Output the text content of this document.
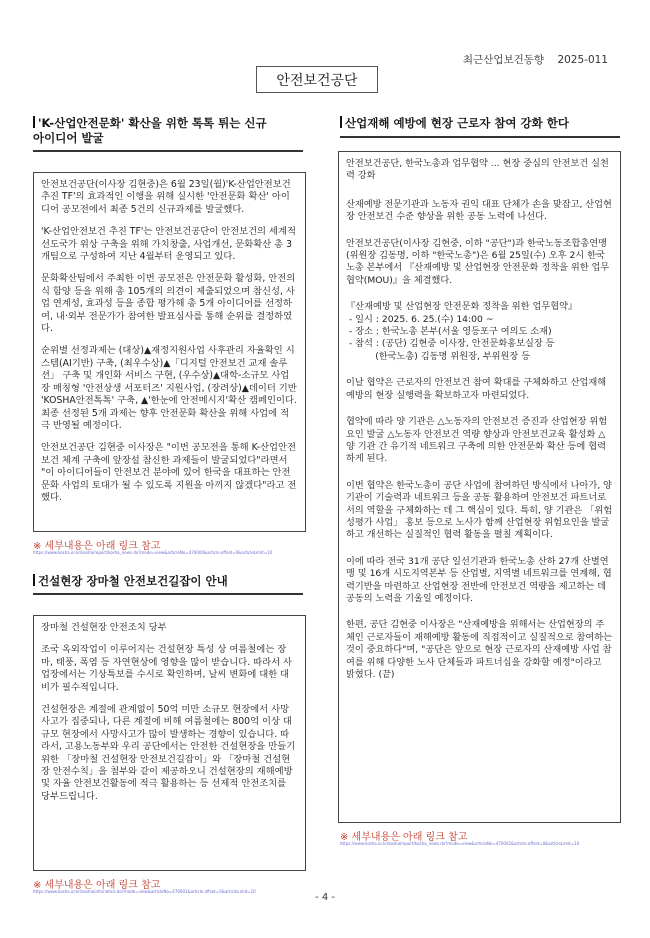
최근산업보건동향 2025-011
안전보건공단
'K-산업안전문화' 확산을 위한 톡톡 튀는 신규
아이디어 발굴

안전보건공단(이사장 김현중)은 6월 23일(월)'K-산업안전보건 추진 TF'의 효과적인 이행을 위해 실시한 '안전문화 확산' 아이디어 공모전에서 최종 5건의 신규과제를 발굴했다.

'K-산업안전보건 추진 TF'는 안전보건공단이 안전보건의 세계적 선도국가 위상 구축을 위해 가치창출, 사업개선, 문화확산 총 3개팀으로 구성하여 지난 4월부터 운영되고 있다.

문화확산팀에서 주최한 이번 공모전은 안전문화 활성화, 안전의식 함양 등을 위해 총 105개의 의견이 제출되었으며 참신성, 사업 연계성, 효과성 등을 종합 평가해 총 5개 아이디어를 선정하여, 내·외부 전문가가 참여한 발표심사를 통해 순위를 결정하였다.

순위별 선정과제는 (대상)▲재정지원사업 사후관리 자율확인 시스템(AI기반) 구축, (최우수상)▲「디지털 안전보건 교재 솔루션」 구축 및 개인화 서비스 구현, (우수상)▲대학-소규모 사업장 매칭형 '안전상생 서포터즈' 지원사업, (장려상)▲데이터 기반 'KOSHA안전톡톡' 구축, ▲'한눈에 안전메시지'확산 캠페인이다. 최종 선정된 5개 과제는 향후 안전문화 확산을 위해 사업에 적극 반영될 예정이다.

안전보건공단 김현중 이사장은 "이번 공모전을 통해 K-산업안전보건 체계 구축에 앞장설 참신한 과제들이 발굴되었다"라면서 "이 아이디어들이 안전보건 분야에 있어 한국을 대표하는 안전문화 사업의 토대가 될 수 있도록 지원을 아끼지 않겠다"라고 전했다.

※ 세부내용은 아래 링크 참고
https://www.kosha.or.kr/kosha/report/kosha_news.do?mode=view&articleNo=470000&article.offset=0&articleLimit=10
건설현장 장마철 안전보건길잡이 안내

장마철 건설현장 안전조치 당부

조국 옥외작업이 이루어지는 건설현장 특성 상 여름철에는 장마, 태풍, 폭염 등 자연현상에 영향을 많이 받습니다. 따라서 사업장에서는 기상특보를 수시로 확인하며, 날씨 변화에 대한 대비가 필수적입니다.

건설현장은 계절에 관계없이 50억 미만 소규모 현장에서 사망사고가 집중되나, 다른 계절에 비해 여름철에는 800억 이상 대규모 현장에서 사망사고가 많이 발생하는 경향이 있습니다. 따라서, 고용노동부와 우리 공단에서는 안전한 건설현장을 만들기 위한 「장마철 건설현장 안전보건길잡이」와 「장마철 건설현장 안전수칙」을 첨부와 같이 제공하오니 건설현장의 재해예방 및 자율 안전보건활동에 적극 활용하는 등 선제적 안전조치를 당부드립니다.

※ 세부내용은 아래 링크 참고
https://www.kosha.or.kr/kosha/info/notice.do?mode=view&articleNo=470001&article.offset=0&articleLimit=10
산업재해 예방에 현장 근로자 참여 강화 한다

안전보건공단, 한국노총과 업무협약 ... 현장 중심의 안전보건 실천력 강화

산재예방 전문기관과 노동자 권익 대표 단체가 손을 맞잡고, 산업현장 안전보건 수준 향상을 위한 공동 노력에 나선다.

안전보건공단(이사장 김현중, 이하 "공단")과 한국노동조합총연맹(위원장 김동명, 이하 "한국노총")은 6월 25일(수) 오후 2시 한국노총 본부에서 『산재예방 및 산업현장 안전문화 정착을 위한 업무협약(MOU)』을 체결했다.

『산재예방 및 산업현장 안전문화 정착을 위한 업무협약』
- 일시 : 2025. 6. 25.(수) 14:00 ~
- 장소 : 한국노총 본부(서울 영등포구 여의도 소재)
- 참석 : (공단) 김현중 이사장, 안전문화홍보실장 등
(한국노총) 김동명 위원장, 부위원장 등

이날 협약은 근로자의 안전보건 참여 확대를 구체화하고 산업재해 예방의 현장 실행력을 확보하고자 마련되었다.

협약에 따라 양 기관은 △노동자의 안전보건 증진과 산업현장 위험요인 발굴 △노동자 안전보건 역량 향상과 안전보건교육 활성화 △양 기관 간 유기적 네트워크 구축에 의한 안전문화 확산 등에 협력하게 된다.

이번 협약은 한국노총이 공단 사업에 참여하던 방식에서 나아가, 양 기관이 기술력과 네트워크 등을 공동 활용하여 안전보건 파트너로서의 역할을 구체화하는 데 그 핵심이 있다. 특히, 양 기관은 「위험성평가 사업」 홍보 등으로 노사가 함께 산업현장 위험요인을 발굴하고 개선하는 실질적인 협력 활동을 펼칠 계획이다.

이에 따라 전국 31개 공단 일선기관과 한국노총 산하 27개 산별연맹 및 16개 시도지역본부 등 산업별, 지역별 네트워크를 연계해, 협력기반을 마련하고 산업현장 전반에 안전보건 역량을 제고하는 데 공동의 노력을 기울일 예정이다.

한편, 공단 김현중 이사장은 "산재예방을 위해서는 산업현장의 주체인 근로자들이 재해예방 활동에 직접적이고 실질적으로 참여하는 것이 중요하다"며, "공단은 앞으로 현장 근로자의 산재예방 사업 참여를 위해 다양한 노사 단체들과 파트너십을 강화할 예정"이라고 밝혔다. (끝)

※ 세부내용은 아래 링크 참고
https://www.kosha.or.kr/kosha/report/kosha_news.do?mode=view&articleNo=470002&article.offset=0&articleLimit=10
- 4 -
